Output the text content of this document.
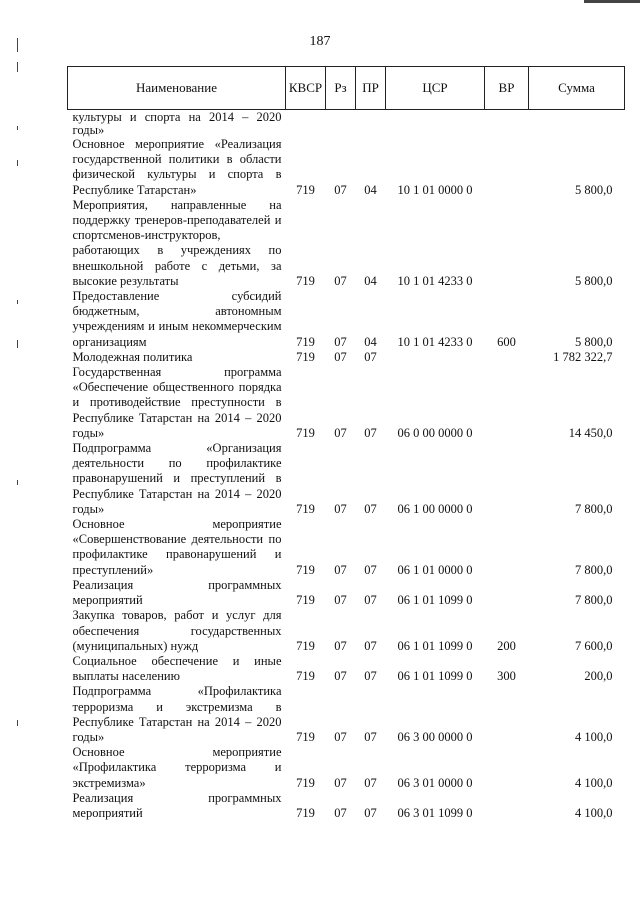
187
Наименование	КВСР	Рз	ПР	ЦСР	ВР	Сумма
культуры и спорта на 2014 – 2020 годы»						
Основное мероприятие «Реализация государственной политики в области физической культуры и спорта в Республике Татарстан»	719	07	04	10 1 01 0000 0		5 800,0
Мероприятия, направленные на поддержку тренеров-преподавателей и спортсменов-инструкторов, работающих в учреждениях по внешкольной работе с детьми, за высокие результаты	719	07	04	10 1 01 4233 0		5 800,0
Предоставление субсидий бюджетным, автономным учреждениям и иным некоммерческим организациям	719	07	04	10 1 01 4233 0	600	5 800,0
Молодежная политика	719	07	07			1 782 322,7
Государственная программа «Обеспечение общественного порядка и противодействие преступности в Республике Татарстан на 2014 – 2020 годы»	719	07	07	06 0 00 0000 0		14 450,0
Подпрограмма «Организация деятельности по профилактике правонарушений и преступлений в Республике Татарстан на 2014 – 2020 годы»	719	07	07	06 1 00 0000 0		7 800,0
Основное мероприятие «Совершенствование деятельности по профилактике правонарушений и преступлений»	719	07	07	06 1 01 0000 0		7 800,0
Реализация программных мероприятий	719	07	07	06 1 01 1099 0		7 800,0
Закупка товаров, работ и услуг для обеспечения государственных (муниципальных) нужд	719	07	07	06 1 01 1099 0	200	7 600,0
Социальное обеспечение и иные выплаты населению	719	07	07	06 1 01 1099 0	300	200,0
Подпрограмма «Профилактика терроризма и экстремизма в Республике Татарстан на 2014 – 2020 годы»	719	07	07	06 3 00 0000 0		4 100,0
Основное мероприятие «Профилактика терроризма и экстремизма»	719	07	07	06 3 01 0000 0		4 100,0
Реализация программных мероприятий	719	07	07	06 3 01 1099 0		4 100,0
